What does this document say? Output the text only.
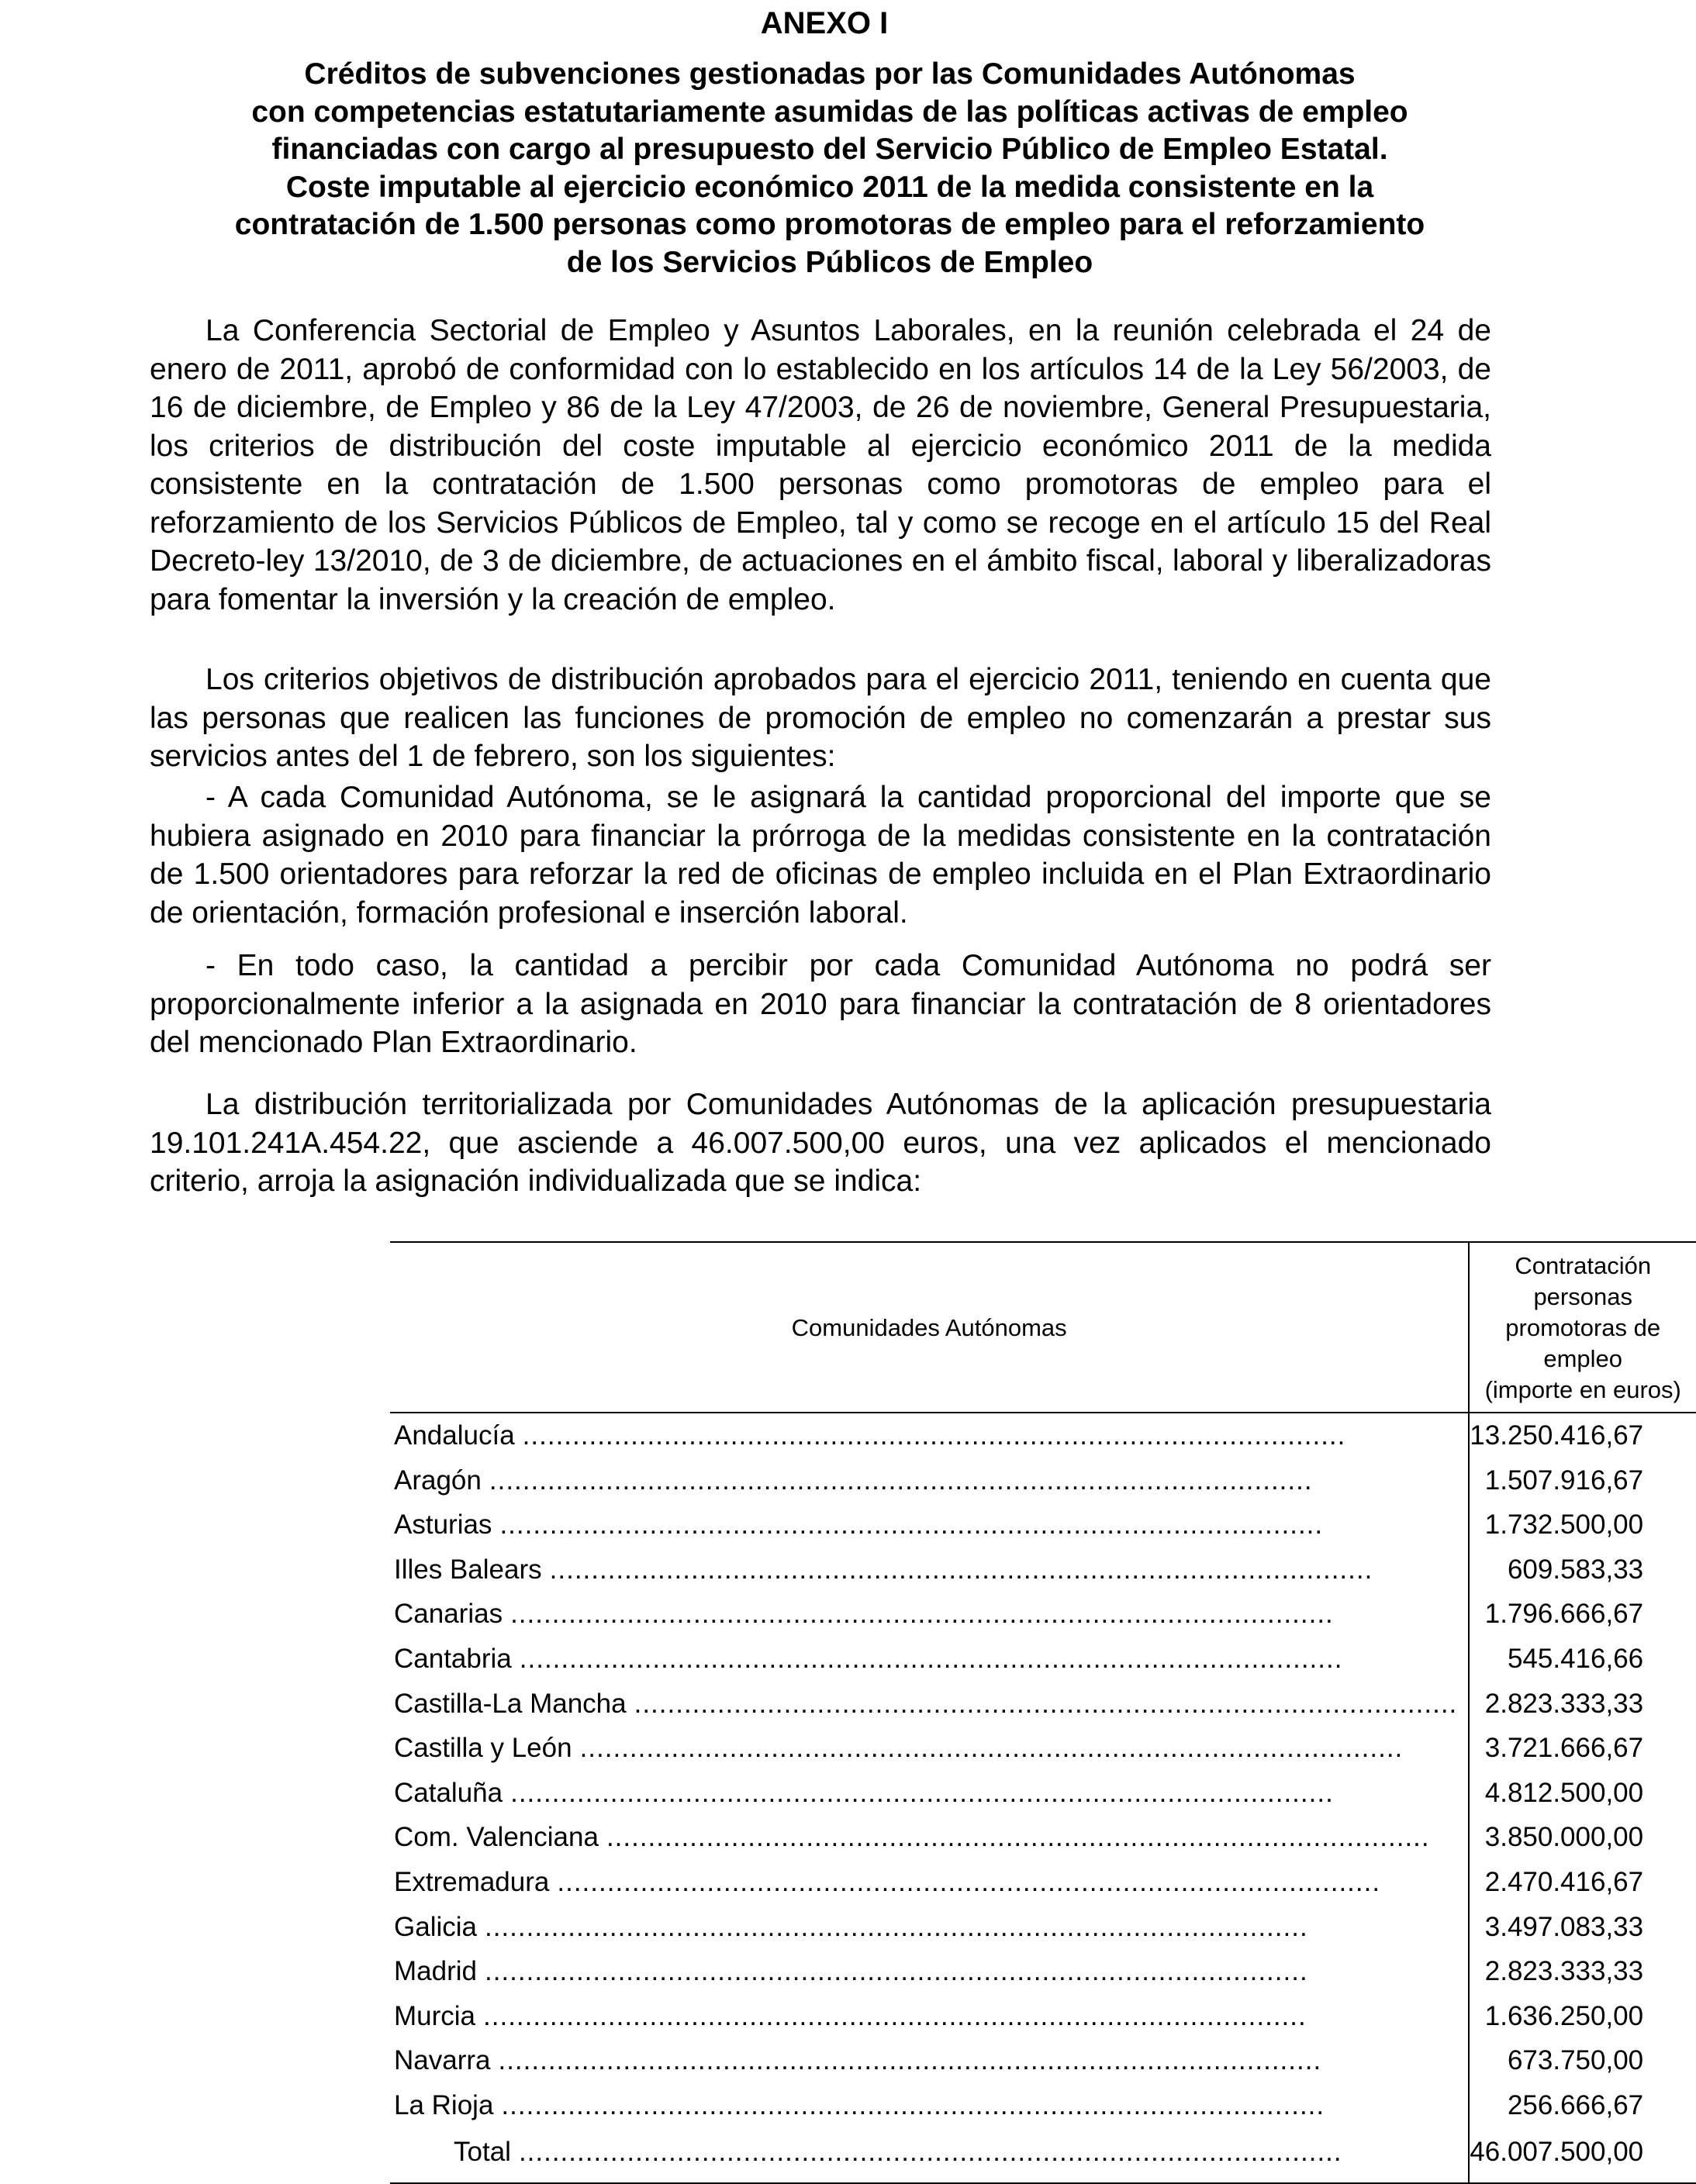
ANEXO I
Créditos de subvenciones gestionadas por las Comunidades Autónomas
con competencias estatutariamente asumidas de las políticas activas de empleo
financiadas con cargo al presupuesto del Servicio Público de Empleo Estatal.
Coste imputable al ejercicio económico 2011 de la medida consistente en la
contratación de 1.500 personas como promotoras de empleo para el reforzamiento
de los Servicios Públicos de Empleo

La Conferencia Sectorial de Empleo y Asuntos Laborales, en la reunión celebrada el 24 de enero de 2011, aprobó de conformidad con lo establecido en los artículos 14 de la Ley 56/2003, de 16 de diciembre, de Empleo y 86 de la Ley 47/2003, de 26 de noviembre, General Presupuestaria, los criterios de distribución del coste imputable al ejercicio económico 2011 de la medida consistente en la contratación de 1.500 personas como promotoras de empleo para el reforzamiento de los Servicios Públicos de Empleo, tal y como se recoge en el artículo 15 del Real Decreto-ley 13/2010, de 3 de diciembre, de actuaciones en el ámbito fiscal, laboral y liberalizadoras para fomentar la inversión y la creación de empleo.

Los criterios objetivos de distribución aprobados para el ejercicio 2011, teniendo en cuenta que las personas que realicen las funciones de promoción de empleo no comenzarán a prestar sus servicios antes del 1 de febrero, son los siguientes:

- A cada Comunidad Autónoma, se le asignará la cantidad proporcional del importe que se hubiera asignado en 2010 para financiar la prórroga de la medidas consistente en la contratación de 1.500 orientadores para reforzar la red de oficinas de empleo incluida en el Plan Extraordinario de orientación, formación profesional e inserción laboral.

- En todo caso, la cantidad a percibir por cada Comunidad Autónoma no podrá ser proporcionalmente inferior a la asignada en 2010 para financiar la contratación de 8 orientadores del mencionado Plan Extraordinario.

La distribución territorializada por Comunidades Autónomas de la aplicación presupuestaria 19.101.241A.454.22, que asciende a 46.007.500,00 euros, una vez aplicados el mencionado criterio, arroja la asignación individualizada que se indica:

Comunidades Autónomas	Contratación personas
promotoras de empleo
(importe en euros)

Andalucía
.....	13.250.416,67

Aragón
.....	1.507.916,67

Asturias
.....	1.732.500,00

Illes Balears
.....	609.583,33

Canarias
.....	1.796.666,67

Cantabria
.....	545.416,66

Castilla-La Mancha
.....	2.823.333,33

Castilla y León
.....	3.721.666,67

Cataluña
.....	4.812.500,00

Com. Valenciana
.....	3.850.000,00

Extremadura
.....	2.470.416,67

Galicia
.....	3.497.083,33

Madrid
.....	2.823.333,33

Murcia
.....	1.636.250,00

Navarra
.....	673.750,00

La Rioja
.....	256.666,67

Total
.....	46.007.500,00
